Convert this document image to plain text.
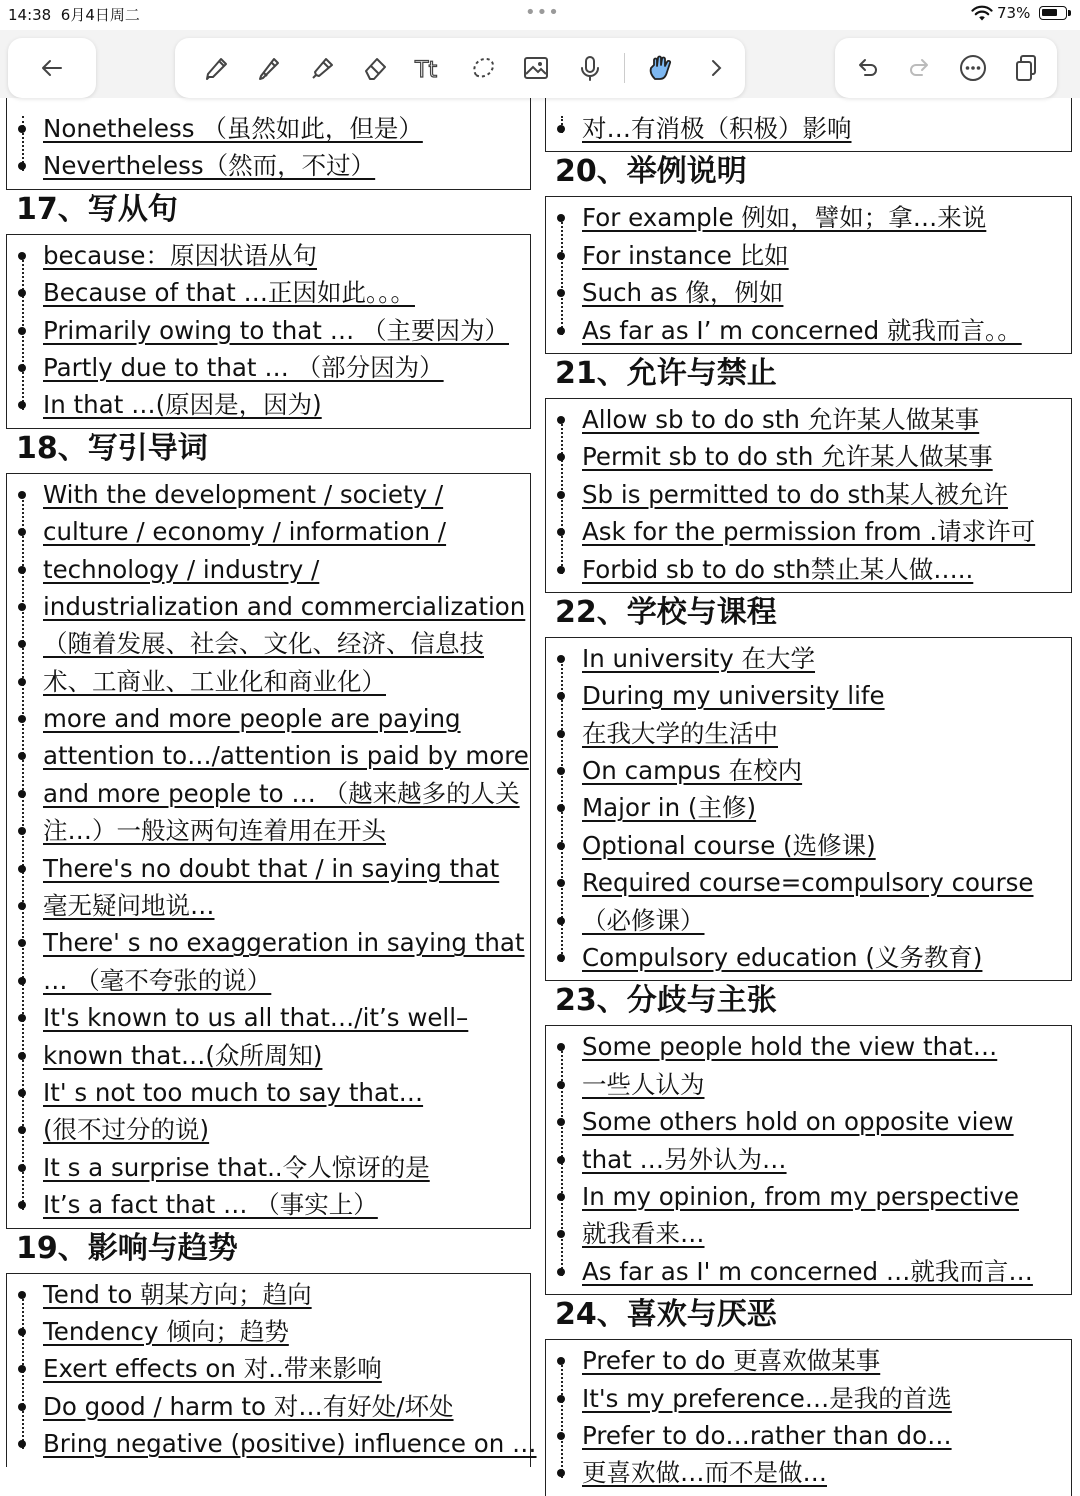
14:38 6月4日周二	•••	73%
Tt
Nonetheless （虽然如此，但是）
Nevertheless（然而，不过）
17、写从句
because：原因状语从句
Because of that …正因如此。。。
Primarily owing to that … （主要因为）
Partly due to that … （部分因为）
In that …(原因是，因为)
18、写引导词
With the development / society /
culture / economy / information /
technology / industry /
industrialization and commercialization
（随着发展、社会、文化、经济、信息技
术、工商业、工业化和商业化）
more and more people are paying
attention to…/attention is paid by more
and more people to … （越来越多的人关
注…）一般这两句连着用在开头
There's no doubt that / in saying that
毫无疑问地说…
There' s no exaggeration in saying that
… （毫不夸张的说）
It's known to us all that…/it’s well–
known that…(众所周知)
It' s not too much to say that…
(很不过分的说)
It s a surprise that..令人惊讶的是
It’s a fact that … （事实上）
19、影响与趋势
Tend to 朝某方向；趋向
Tendency 倾向；趋势
Exert effects on 对..带来影响
Do good / harm to 对…有好处/坏处
Bring negative (positive) influence on …
对…有消极（积极）影响
20、举例说明
For example 例如，譬如；拿…来说
For instance 比如
Such as 像，例如
As far as I’ m concerned 就我而言。。
21、允许与禁止
Allow sb to do sth 允许某人做某事
Permit sb to do sth 允许某人做某事
Sb is permitted to do sth某人被允许
Ask for the permission from .请求许可
Forbid sb to do sth禁止某人做…..
22、学校与课程
In university 在大学
During my university life
在我大学的生活中
On campus 在校内
Major in (主修)
Optional course (选修课)
Required course=compulsory course
（必修课）
Compulsory education (义务教育)
23、分歧与主张
Some people hold the view that…
一些人认为
Some others hold on opposite view
that …另外认为…
In my opinion, from my perspective
就我看来…
As far as I' m concerned …就我而言…
24、喜欢与厌恶
Prefer to do 更喜欢做某事
It's my preference…是我的首选
Prefer to do…rather than do…
更喜欢做…而不是做…
